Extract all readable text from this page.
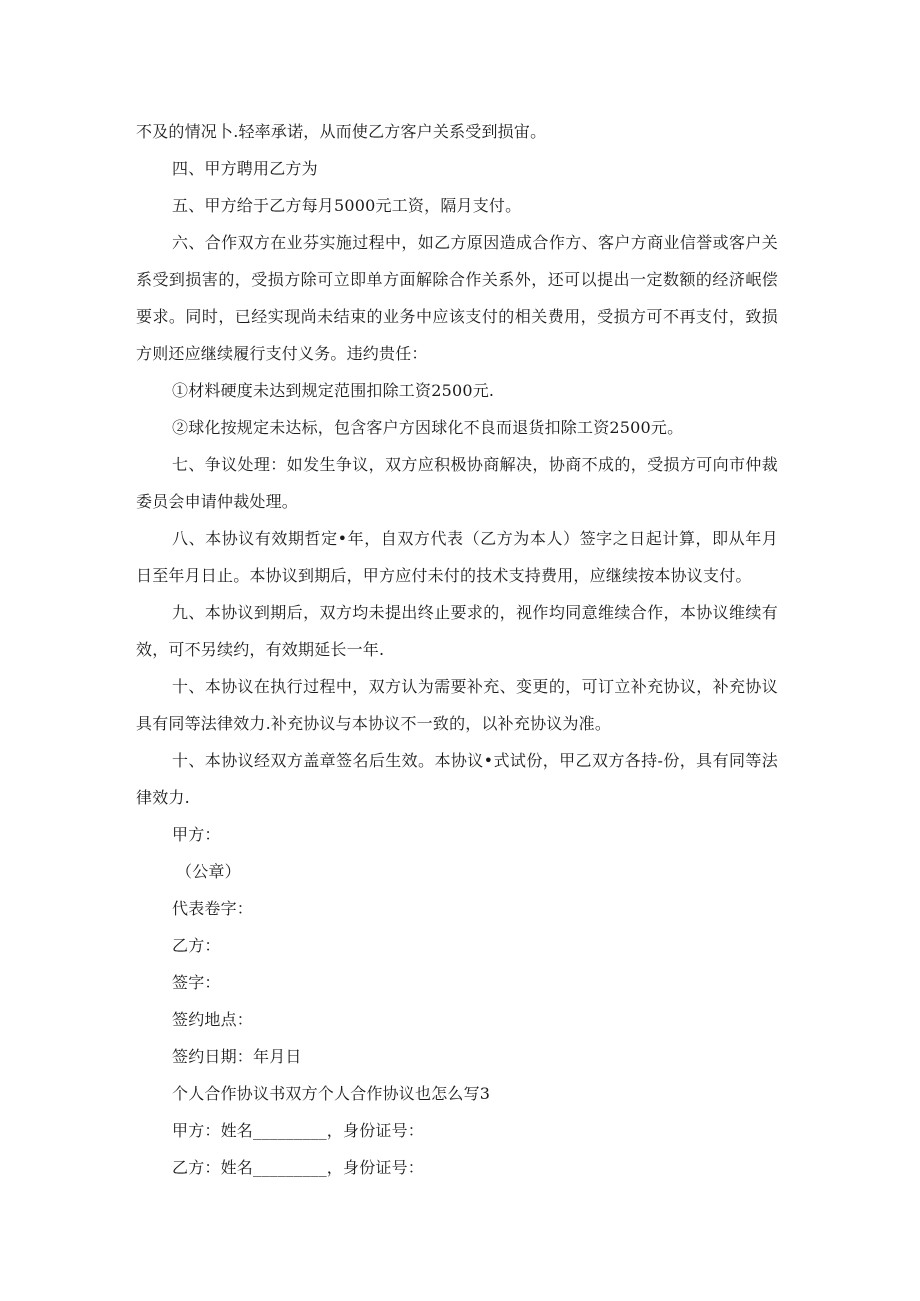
不及的情况卜.轻率承诺，从而使乙方客户关系受到损宙。

四、甲方聘用乙方为

五、甲方给于乙方每月5000元工资，隔月支付。

六、合作双方在业芬实施过程中，如乙方原因造成合作方、客户方商业信誉或客户关系受到损害的，受损方除可立即单方面解除合作关系外，还可以提出一定数额的经济岷偿要求。同时，已经实现尚未结束的业务中应该支付的相关费用，受损方可不再支付，致损方则还应继续履行支付义务。违约贵任：

①材料硬度未达到规定范围扣除工资2500元.

②球化按规定未达标，包含客户方因球化不良而退货扣除工资2500元。

七、争议处理：如发生争议，双方应积极协商解决，协商不成的，受损方可向市仲裁委员会申请仲裁处理。

八、本协议有效期哲定•年，自双方代表（乙方为本人）签字之日起计算，即从年月日至年月日止。本协议到期后，甲方应付未付的技术支持费用，应继续按本协议支付。

九、本协议到期后，双方均未提出终止要求的，视作均同意维续合作，本协议维续有效，可不另续约，有效期延长一年.

十、本协议在执行过程中，双方认为需要补充、变更的，可订立补充协议，补充协议具有同等法律效力.补充协议与本协议不一致的，以补充协议为准。

十、本协议经双方盖章签名后生效。本协议•式试份，甲乙双方各持-份，具有同等法律效力.

甲方：

（公章）

代表卷字：

乙方：

签字：

签约地点：

签约日期：年月日

个人合作协议书双方个人合作协议也怎么写3

甲方：姓名_________，身份证号：

乙方：姓名_________，身份证号：
